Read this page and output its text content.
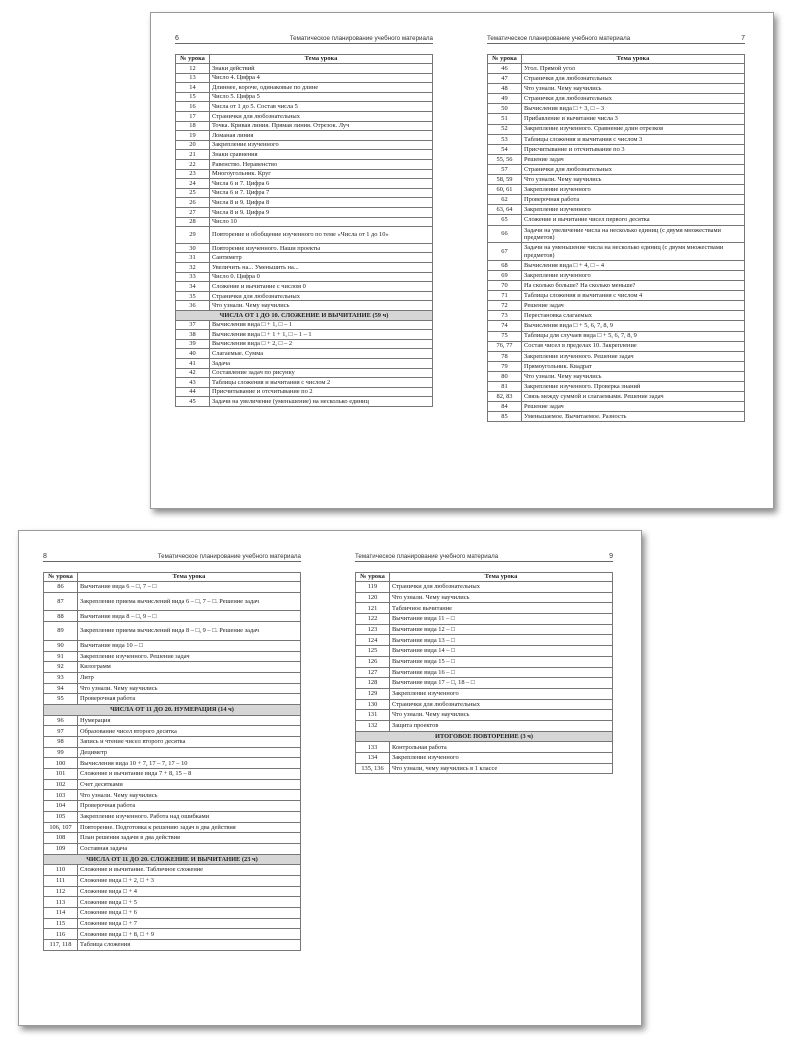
6	Тематическое планирование учебного материала
№ урока	Тема урока
12	Знаки действий
13	Число 4. Цифра 4
14	Длиннее, короче, одинаковые по длине
15	Число 5. Цифра 5
16	Числа от 1 до 5. Состав числа 5
17	Странички для любознательных
18	Точка. Кривая линия. Прямая линия. Отрезок. Луч
19	Ломаная линия
20	Закрепление изученного
21	Знаки сравнения
22	Равенство. Неравенство
23	Многоугольник. Круг
24	Числа 6 и 7. Цифра 6
25	Числа 6 и 7. Цифра 7
26	Числа 8 и 9. Цифра 8
27	Числа 8 и 9. Цифра 9
28	Число 10
29	Повторение и обобщение изученного по теме «Числа от 1 до 10»
30	Повторение изученного. Наши проекты
31	Сантиметр
32	Увеличить на... Уменьшить на...
33	Число 0. Цифра 0
34	Сложение и вычитание с числом 0
35	Странички для любознательных
36	Что узнали. Чему научились
ЧИСЛА ОТ 1 ДО 10. СЛОЖЕНИЕ И ВЫЧИТАНИЕ (59 ч)	
37	Вычисления вида □ + 1, □ – 1
38	Вычисления вида □ + 1 + 1, □ – 1 – 1
39	Вычисления вида □ + 2, □ – 2
40	Слагаемые. Сумма
41	Задача
42	Составление задач по рисунку
43	Таблицы сложения и вычитания с числом 2
44	Присчитывание и отсчитывание по 2
45	Задачи на увеличение (уменьшение) на несколько единиц
Тематическое планирование учебного материала	7
№ урока	Тема урока
46	Угол. Прямой угол
47	Странички для любознательных
48	Что узнали. Чему научились
49	Странички для любознательных
50	Вычисления вида □ + 3, □ – 3
51	Прибавление и вычитание числа 3
52	Закрепление изученного. Сравнение длин отрезков
53	Таблицы сложения и вычитания с числом 3
54	Присчитывание и отсчитывание по 3
55, 56	Решение задач
57	Странички для любознательных
58, 59	Что узнали. Чему научились
60, 61	Закрепление изученного
62	Проверочная работа
63, 64	Закрепление изученного
65	Сложение и вычитание чисел первого десятка
66	Задачи на увеличение числа на несколько единиц (с двумя множествами предметов)
67	Задачи на уменьшение числа на несколько единиц (с двумя множествами предметов)
68	Вычисления вида □ + 4, □ – 4
69	Закрепление изученного
70	На сколько больше? На сколько меньше?
71	Таблицы сложения и вычитания с числом 4
72	Решение задач
73	Перестановка слагаемых
74	Вычисления вида □ + 5, 6, 7, 8, 9
75	Таблицы для случаев вида □ + 5, 6, 7, 8, 9
76, 77	Состав чисел в пределах 10. Закрепление
78	Закрепление изученного. Решение задач
79	Прямоугольник. Квадрат
80	Что узнали. Чему научились
81	Закрепление изученного. Проверка знаний
82, 83	Связь между суммой и слагаемыми. Решение задач
84	Решение задач
85	Уменьшаемое. Вычитаемое. Разность
8	Тематическое планирование учебного материала
№ урока	Тема урока
86	Вычитание вида 6 – □, 7 – □
87	Закрепление приема вычислений вида 6 – □, 7 – □. Решение задач
88	Вычитание вида 8 – □, 9 – □
89	Закрепление приема вычислений вида 8 – □, 9 – □. Решение задач
90	Вычитание вида 10 – □
91	Закрепление изученного. Решение задач
92	Килограмм
93	Литр
94	Что узнали. Чему научились
95	Проверочная работа
ЧИСЛА ОТ 11 ДО 20. НУМЕРАЦИЯ (14 ч)	
96	Нумерация
97	Образование чисел второго десятка
98	Запись и чтение чисел второго десятка
99	Дециметр
100	Вычисления вида 10 + 7, 17 – 7, 17 – 10
101	Сложение и вычитание вида 7 + 8, 15 – 8
102	Счет десятками
103	Что узнали. Чему научились
104	Проверочная работа
105	Закрепление изученного. Работа над ошибками
106, 107	Повторение. Подготовка к решению задач в два действия
108	План решения задачи в два действия
109	Составная задача
ЧИСЛА ОТ 11 ДО 20. СЛОЖЕНИЕ И ВЫЧИТАНИЕ (23 ч)	
110	Сложение и вычитание. Табличное сложение
111	Сложение вида □ + 2, □ + 3
112	Сложение вида □ + 4
113	Сложение вида □ + 5
114	Сложение вида □ + 6
115	Сложение вида □ + 7
116	Сложение вида □ + 8, □ + 9
117, 118	Таблица сложения
Тематическое планирование учебного материала	9
№ урока	Тема урока
119	Странички для любознательных
120	Что узнали. Чему научились
121	Табличное вычитание
122	Вычитание вида 11 – □
123	Вычитание вида 12 – □
124	Вычитание вида 13 – □
125	Вычитание вида 14 – □
126	Вычитание вида 15 – □
127	Вычитание вида 16 – □
128	Вычитание вида 17 – □, 18 – □
129	Закрепление изученного
130	Странички для любознательных
131	Что узнали. Чему научились
132	Защита проектов
ИТОГОВОЕ ПОВТОРЕНИЕ (3 ч)	
133	Контрольная работа
134	Закрепление изученного
135, 136	Что узнали, чему научились в 1 классе
